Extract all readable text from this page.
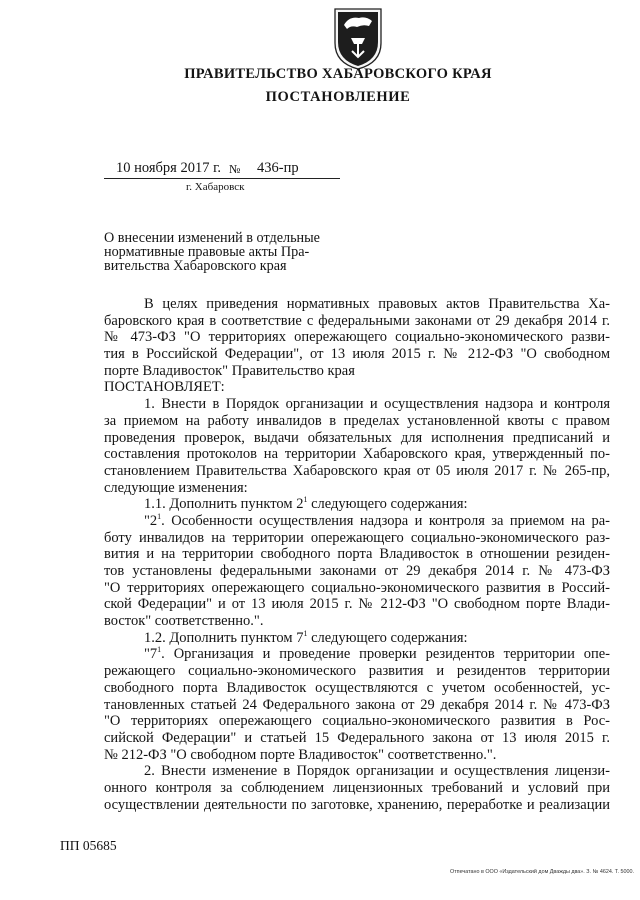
ПРАВИТЕЛЬСТВО ХАБАРОВСКОГО КРАЯ
ПОСТАНОВЛЕНИЕ
10 ноября 2017 г. № 436-пр
г. Хабаровск
О внесении изменений в отдельные
нормативные правовые акты Пра-
вительства Хабаровского края
В целях приведения нормативных правовых актов Правительства Ха-
баровского края в соответствие с федеральными законами от 29 декабря 2014 г.
№ 473-ФЗ "О территориях опережающего социально-экономического разви-
тия в Российской Федерации", от 13 июля 2015 г. № 212-ФЗ "О свободном
порте Владивосток" Правительство края
ПОСТАНОВЛЯЕТ:
1. Внести в Порядок организации и осуществления надзора и контроля
за приемом на работу инвалидов в пределах установленной квоты с правом
проведения проверок, выдачи обязательных для исполнения предписаний и
составления протоколов на территории Хабаровского края, утвержденный по-
становлением Правительства Хабаровского края от 05 июля 2017 г. № 265-пр,
следующие изменения:
1.1. Дополнить пунктом $2^1$ следующего содержания:
"$2^1$. Особенности осуществления надзора и контроля за приемом на ра-
боту инвалидов на территории опережающего социально-экономического раз-
вития и на территории свободного порта Владивосток в отношении резиден-
тов установлены федеральными законами от 29 декабря 2014 г. № 473-ФЗ
"О территориях опережающего социально-экономического развития в Россий-
ской Федерации" и от 13 июля 2015 г. № 212-ФЗ "О свободном порте Влади-
восток" соответственно.".
1.2. Дополнить пунктом $7^1$ следующего содержания:
"$7^1$. Организация и проведение проверки резидентов территории опе-
режающего социально-экономического развития и резидентов территории
свободного порта Владивосток осуществляются с учетом особенностей, ус-
тановленных статьей 24 Федерального закона от 29 декабря 2014 г. № 473-ФЗ
"О территориях опережающего социально-экономического развития в Рос-
сийской Федерации" и статьей 15 Федерального закона от 13 июля 2015 г.
№ 212-ФЗ "О свободном порте Владивосток" соответственно.".
2. Внести изменение в Порядок организации и осуществления лицензи-
онного контроля за соблюдением лицензионных требований и условий при
осуществлении деятельности по заготовке, хранению, переработке и реализации
ПП 05685
Отпечатано в ООО «Издательский дом Дважды два». З. № 4624. Т. 5000.
